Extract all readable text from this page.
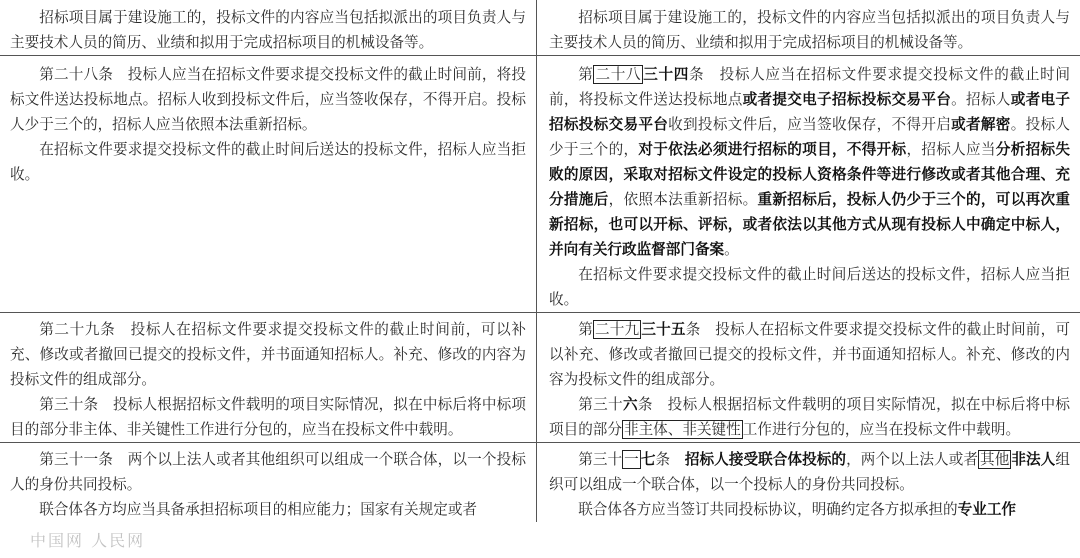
招标项目属于建设施工的，投标文件的内容应当包括拟派出的项目负责人与主要技术人员的简历、业绩和拟用于完成招标项目的机械设备等。

招标项目属于建设施工的，投标文件的内容应当包括拟派出的项目负责人与主要技术人员的简历、业绩和拟用于完成招标项目的机械设备等。

第二十八条　投标人应当在招标文件要求提交投标文件的截止时间前，将投标文件送达投标地点。招标人收到投标文件后，应当签收保存，不得开启。投标人少于三个的，招标人应当依照本法重新招标。

在招标文件要求提交投标文件的截止时间后送达的投标文件，招标人应当拒收。

第 二十八 三十四条　投标人应当在招标文件要求提交投标文件的截止时间前，将投标文件送达投标地点或者提交电子招标投标交易平台。招标人或者电子招标投标交易平台收到投标文件后，应当签收保存，不得开启或者解密。投标人少于三个的，对于依法必须进行招标的项目，不得开标，招标人应当分析招标失败的原因，采取对招标文件设定的投标人资格条件等进行修改或者其他合理、充分措施后，依照本法重新招标。重新招标后，投标人仍少于三个的，可以再次重新招标，也可以开标、评标，或者依法以其他方式从现有投标人中确定中标人，并向有关行政监督部门备案。

在招标文件要求提交投标文件的截止时间后送达的投标文件，招标人应当拒收。

第二十九条　投标人在招标文件要求提交投标文件的截止时间前，可以补充、修改或者撤回已提交的投标文件，并书面通知招标人。补充、修改的内容为投标文件的组成部分。

第三十条　投标人根据招标文件载明的项目实际情况，拟在中标后将中标项目的部分非主体、非关键性工作进行分包的，应当在投标文件中载明。

第 二十九 三十五条　投标人在招标文件要求提交投标文件的截止时间前，可以补充、修改或者撤回已提交的投标文件，并书面通知招标人。补充、修改的内容为投标文件的组成部分。

第三十六条　投标人根据招标文件载明的项目实际情况，拟在中标后将中标项目的部分 非主体、非关键性 工作进行分包的，应当在投标文件中载明。

第三十一条　两个以上法人或者其他组织可以组成一个联合体，以一个投标人的身份共同投标。

联合体各方均应当具备承担招标项目的相应能力；国家有关规定或者

第三十 一 七条　招标人接受联合体投标的，两个以上法人或者 其他 非法人组织可以组成一个联合体，以一个投标人的身份共同投标。

联合体各方应当签订共同投标协议，明确约定各方拟承担的专业工作

中国网 人民网
